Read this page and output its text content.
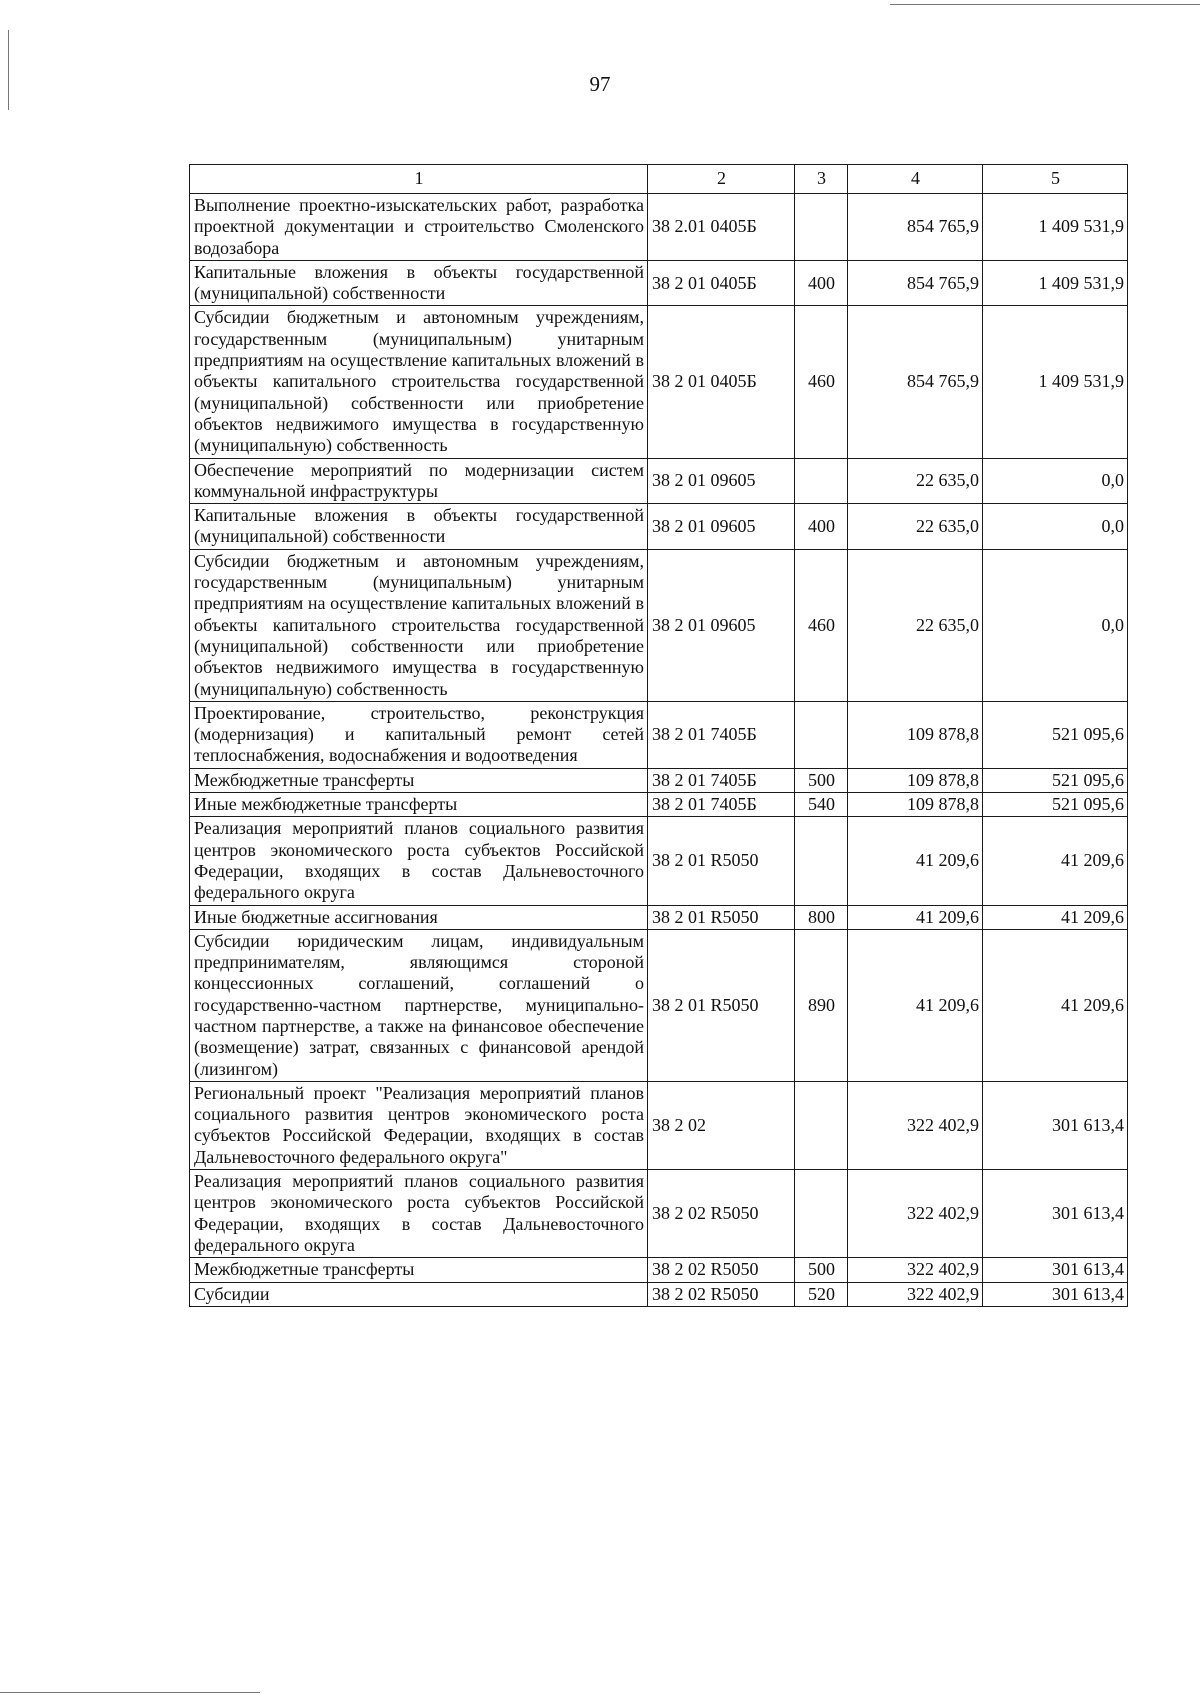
97
1	2	3	4	5
Выполнение проектно-изыскательских работ, разработка проектной документации и строительство Смоленского водозабора	38 2.01 0405Б		854 765,9	1 409 531,9
Капитальные вложения в объекты государственной (муниципальной) собственности	38 2 01 0405Б	400	854 765,9	1 409 531,9
Субсидии бюджетным и автономным учреждениям, государственным (муниципальным) унитарным предприятиям на осуществление капитальных вложений в объекты капитального строительства государственной (муниципальной) собственности или приобретение объектов недвижимого имущества в государственную (муниципальную) собственность	38 2 01 0405Б	460	854 765,9	1 409 531,9
Обеспечение мероприятий по модернизации систем коммунальной инфраструктуры	38 2 01 09605		22 635,0	0,0
Капитальные вложения в объекты государственной (муниципальной) собственности	38 2 01 09605	400	22 635,0	0,0
Субсидии бюджетным и автономным учреждениям, государственным (муниципальным) унитарным предприятиям на осуществление капитальных вложений в объекты капитального строительства государственной (муниципальной) собственности или приобретение объектов недвижимого имущества в государственную (муниципальную) собственность	38 2 01 09605	460	22 635,0	0,0
Проектирование, строительство, реконструкция (модернизация) и капитальный ремонт сетей теплоснабжения, водоснабжения и водоотведения	38 2 01 7405Б		109 878,8	521 095,6
Межбюджетные трансферты	38 2 01 7405Б	500	109 878,8	521 095,6
Иные межбюджетные трансферты	38 2 01 7405Б	540	109 878,8	521 095,6
Реализация мероприятий планов социального развития центров экономического роста субъектов Российской Федерации, входящих в состав Дальневосточного федерального округа	38 2 01 R5050		41 209,6	41 209,6
Иные бюджетные ассигнования	38 2 01 R5050	800	41 209,6	41 209,6
Субсидии юридическим лицам, индивидуальным предпринимателям, являющимся стороной концессионных соглашений, соглашений о государственно-частном партнерстве, муниципально-частном партнерстве, а также на финансовое обеспечение (возмещение) затрат, связанных с финансовой арендой (лизингом)	38 2 01 R5050	890	41 209,6	41 209,6
Региональный проект "Реализация мероприятий планов социального развития центров экономического роста субъектов Российской Федерации, входящих в состав Дальневосточного федерального округа"	38 2 02		322 402,9	301 613,4
Реализация мероприятий планов социального развития центров экономического роста субъектов Российской Федерации, входящих в состав Дальневосточного федерального округа	38 2 02 R5050		322 402,9	301 613,4
Межбюджетные трансферты	38 2 02 R5050	500	322 402,9	301 613,4
Субсидии	38 2 02 R5050	520	322 402,9	301 613,4
